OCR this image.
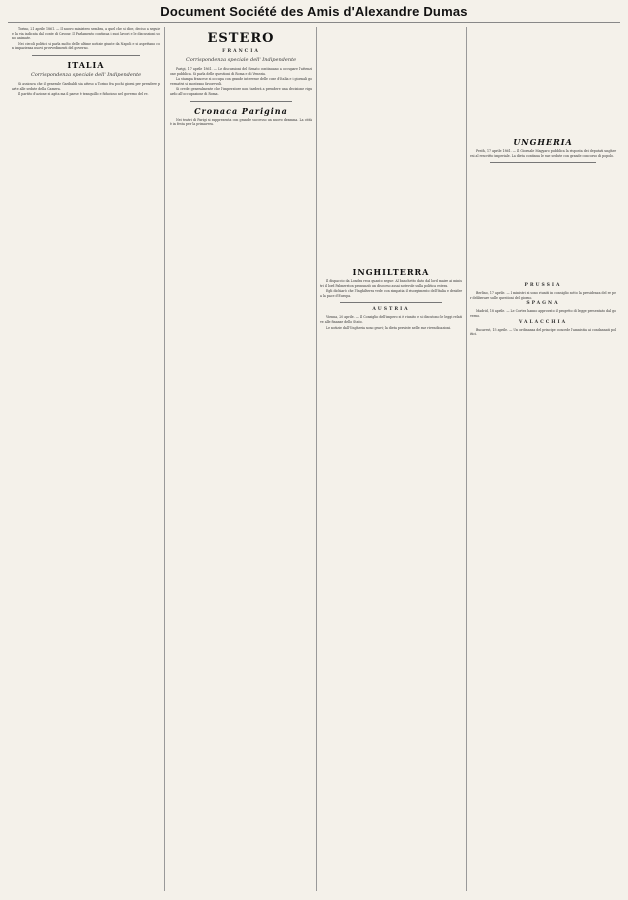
Document Société des Amis d'Alexandre Dumas

Torino, 21 aprile 1861. — Il nuovo ministero sembra, a quel che si dice, deciso a seguire la via indicata dal conte di Cavour. Il Parlamento continua i suoi lavori e le discussioni sono animate.

Nei circoli politici si parla molto delle ultime notizie giunte da Napoli e si aspettano con impazienza nuovi provvedimenti del governo.

ITALIA
Corrispondenza speciale dell' Indipendente

Si assicura che il generale Garibaldi sia atteso a Torino fra pochi giorni per prendere parte alle sedute della Camera.

Il partito d'azione si agita ma il paese è tranquillo e fiducioso nel governo del re.

ESTERO
FRANCIA
Corrispondenza speciale dell' Indipendente

Parigi, 17 aprile 1861. — Le discussioni del Senato continuano a occupare l'attenzione pubblica. Si parla delle questioni di Roma e di Venezia.

La stampa francese si occupa con grande interesse delle cose d'Italia e i giornali governativi si mostrano favorevoli.

Si crede generalmente che l'imperatore non tarderà a prendere una decisione riguardo all'occupazione di Roma.

Cronaca Parigina

Nei teatri di Parigi si rappresenta con grande successo un nuovo dramma. La città è in festa per la primavera.

INGHILTERRA

Il dispaccio da Londra reca quanto segue: Al banchetto dato dal lord maire ai ministri il lord Palmerston pronunziò un discorso assai notevole sulla politica estera.

Egli dichiarò che l'Inghilterra vede con simpatia il risorgimento dell'Italia e desidera la pace d'Europa.

AUSTRIA

Vienna, 20 aprile. — Il Consiglio dell'impero si è riunito e si discutono le leggi relative alle finanze dello Stato.

Le notizie dall'Ungheria sono gravi; la dieta persiste nelle sue rivendicazioni.

UNGHERIA

Pesth, 17 aprile 1861. — Il Giornale Magyaro pubblica la risposta dei deputati ungheresi al rescritto imperiale. La dieta continua le sue sedute con grande concorso di popolo.

PRUSSIA

Berlino, 17 aprile. — I ministri si sono riuniti in consiglio sotto la presidenza del re per deliberare sulle questioni del giorno.

SPAGNA

Madrid, 18 aprile. — Le Cortes hanno approvato il progetto di legge presentato dal governo.

VALACCHIA

Bucarest, 15 aprile. — Un ordinanza del principe concede l'amnistia ai condannati politici.
